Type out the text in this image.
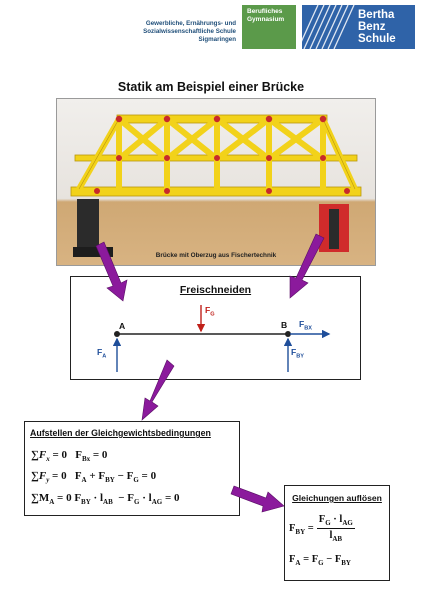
Gewerbliche, Ernährungs- und
Sozialwissenschaftliche Schule
Sigmaringen
Berufliches
Gymnasium	Bertha
Benz
Schule
Statik am Beispiel einer Brücke
Brücke mit Oberzug aus Fischertechnik
Freischneiden
A	B
$F_G$
$F_{BX}$
$F_A$	$F_{BY}$
Aufstellen der Gleichgewichtsbedingungen
$\sum F_x = 0$   $F_{Bx} = 0$
$\sum F_y = 0$   $F_A + F_{BY} - F_G = 0$
$\sum M_A = 0$ $F_{BY} \cdot l_{AB} - F_G \cdot l_{AG} = 0$	Gleichungen auflösen
$F_{BY} = \frac{F_G \cdot l_{AG}}{l_{AB}}$
$F_A = F_G - F_{BY}$
